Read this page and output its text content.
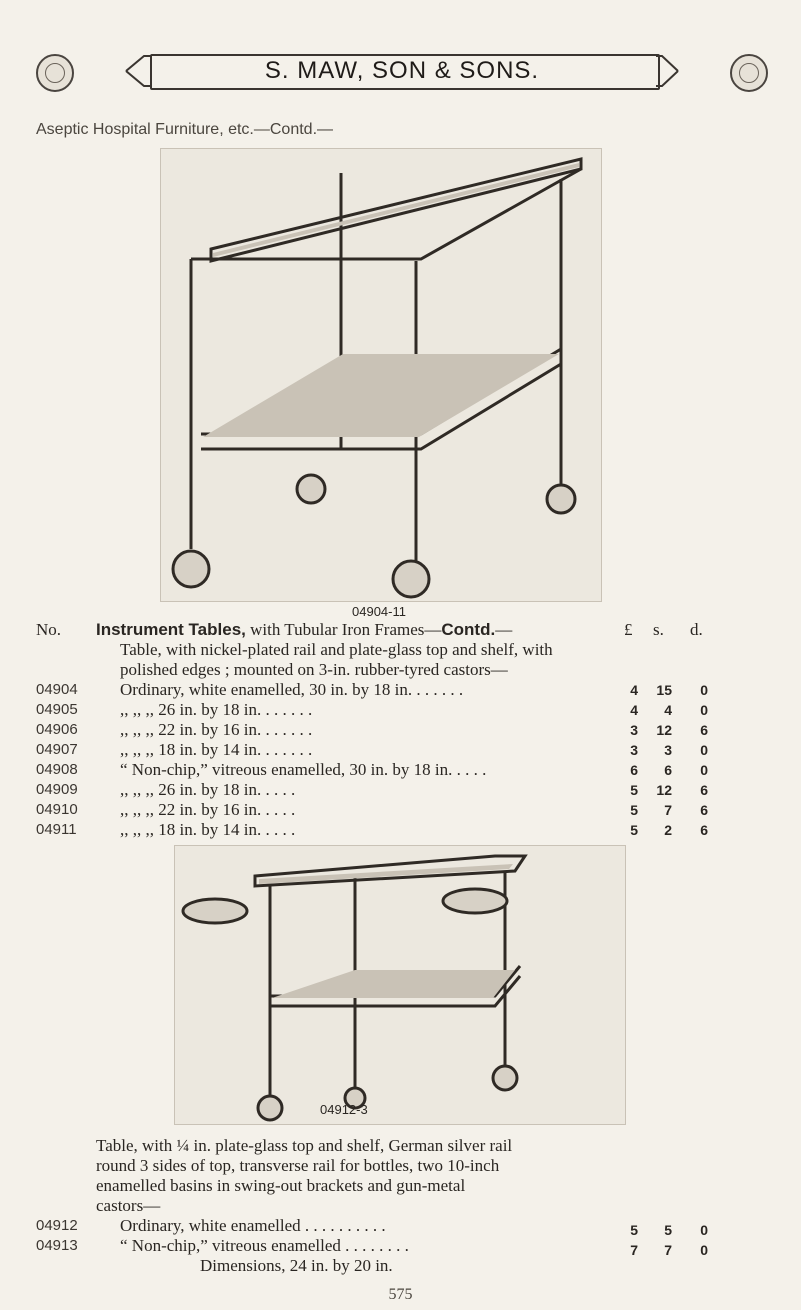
S. MAW, SON & SONS.
Aseptic Hospital Furniture, etc.—Contd.—
04904-11
No.	£ s. d.
Instrument Tables, with Tubular Iron Frames—Contd.—
Table, with nickel-plated rail and plate-glass top and shelf, with
polished edges ; mounted on 3-in. rubber-tyred castors—
04904 Ordinary, white enamelled, 30 in. by 18 in. . . . . . .	4	15	0
04905 ,, ,, ,, 26 in. by 18 in. . . . . . .	4	4	0
04906 ,, ,, ,, 22 in. by 16 in. . . . . . .	3	12	6
04907 ,, ,, ,, 18 in. by 14 in. . . . . . .	3	3	0
04908 “ Non-chip,” vitreous enamelled, 30 in. by 18 in. . . . .	6	6	0
04909 ,, ,, ,, 26 in. by 18 in. . . . .	5	12	6
04910 ,, ,, ,, 22 in. by 16 in. . . . .	5	7	6
04911	,, ,, ,, 18 in. by 14 in. . . . .	5	2	6
04912-3
Table, with ¼ in. plate-glass top and shelf, German silver rail
round 3 sides of top, transverse rail for bottles, two 10-inch
enamelled basins in swing-out brackets and gun-metal
castors—
04912 Ordinary, white enamelled . . . . . . . . . .	5	5	0
04913 “ Non-chip,” vitreous enamelled . . . . . . . .	7	7	0
Dimensions, 24 in. by 20 in.
575
